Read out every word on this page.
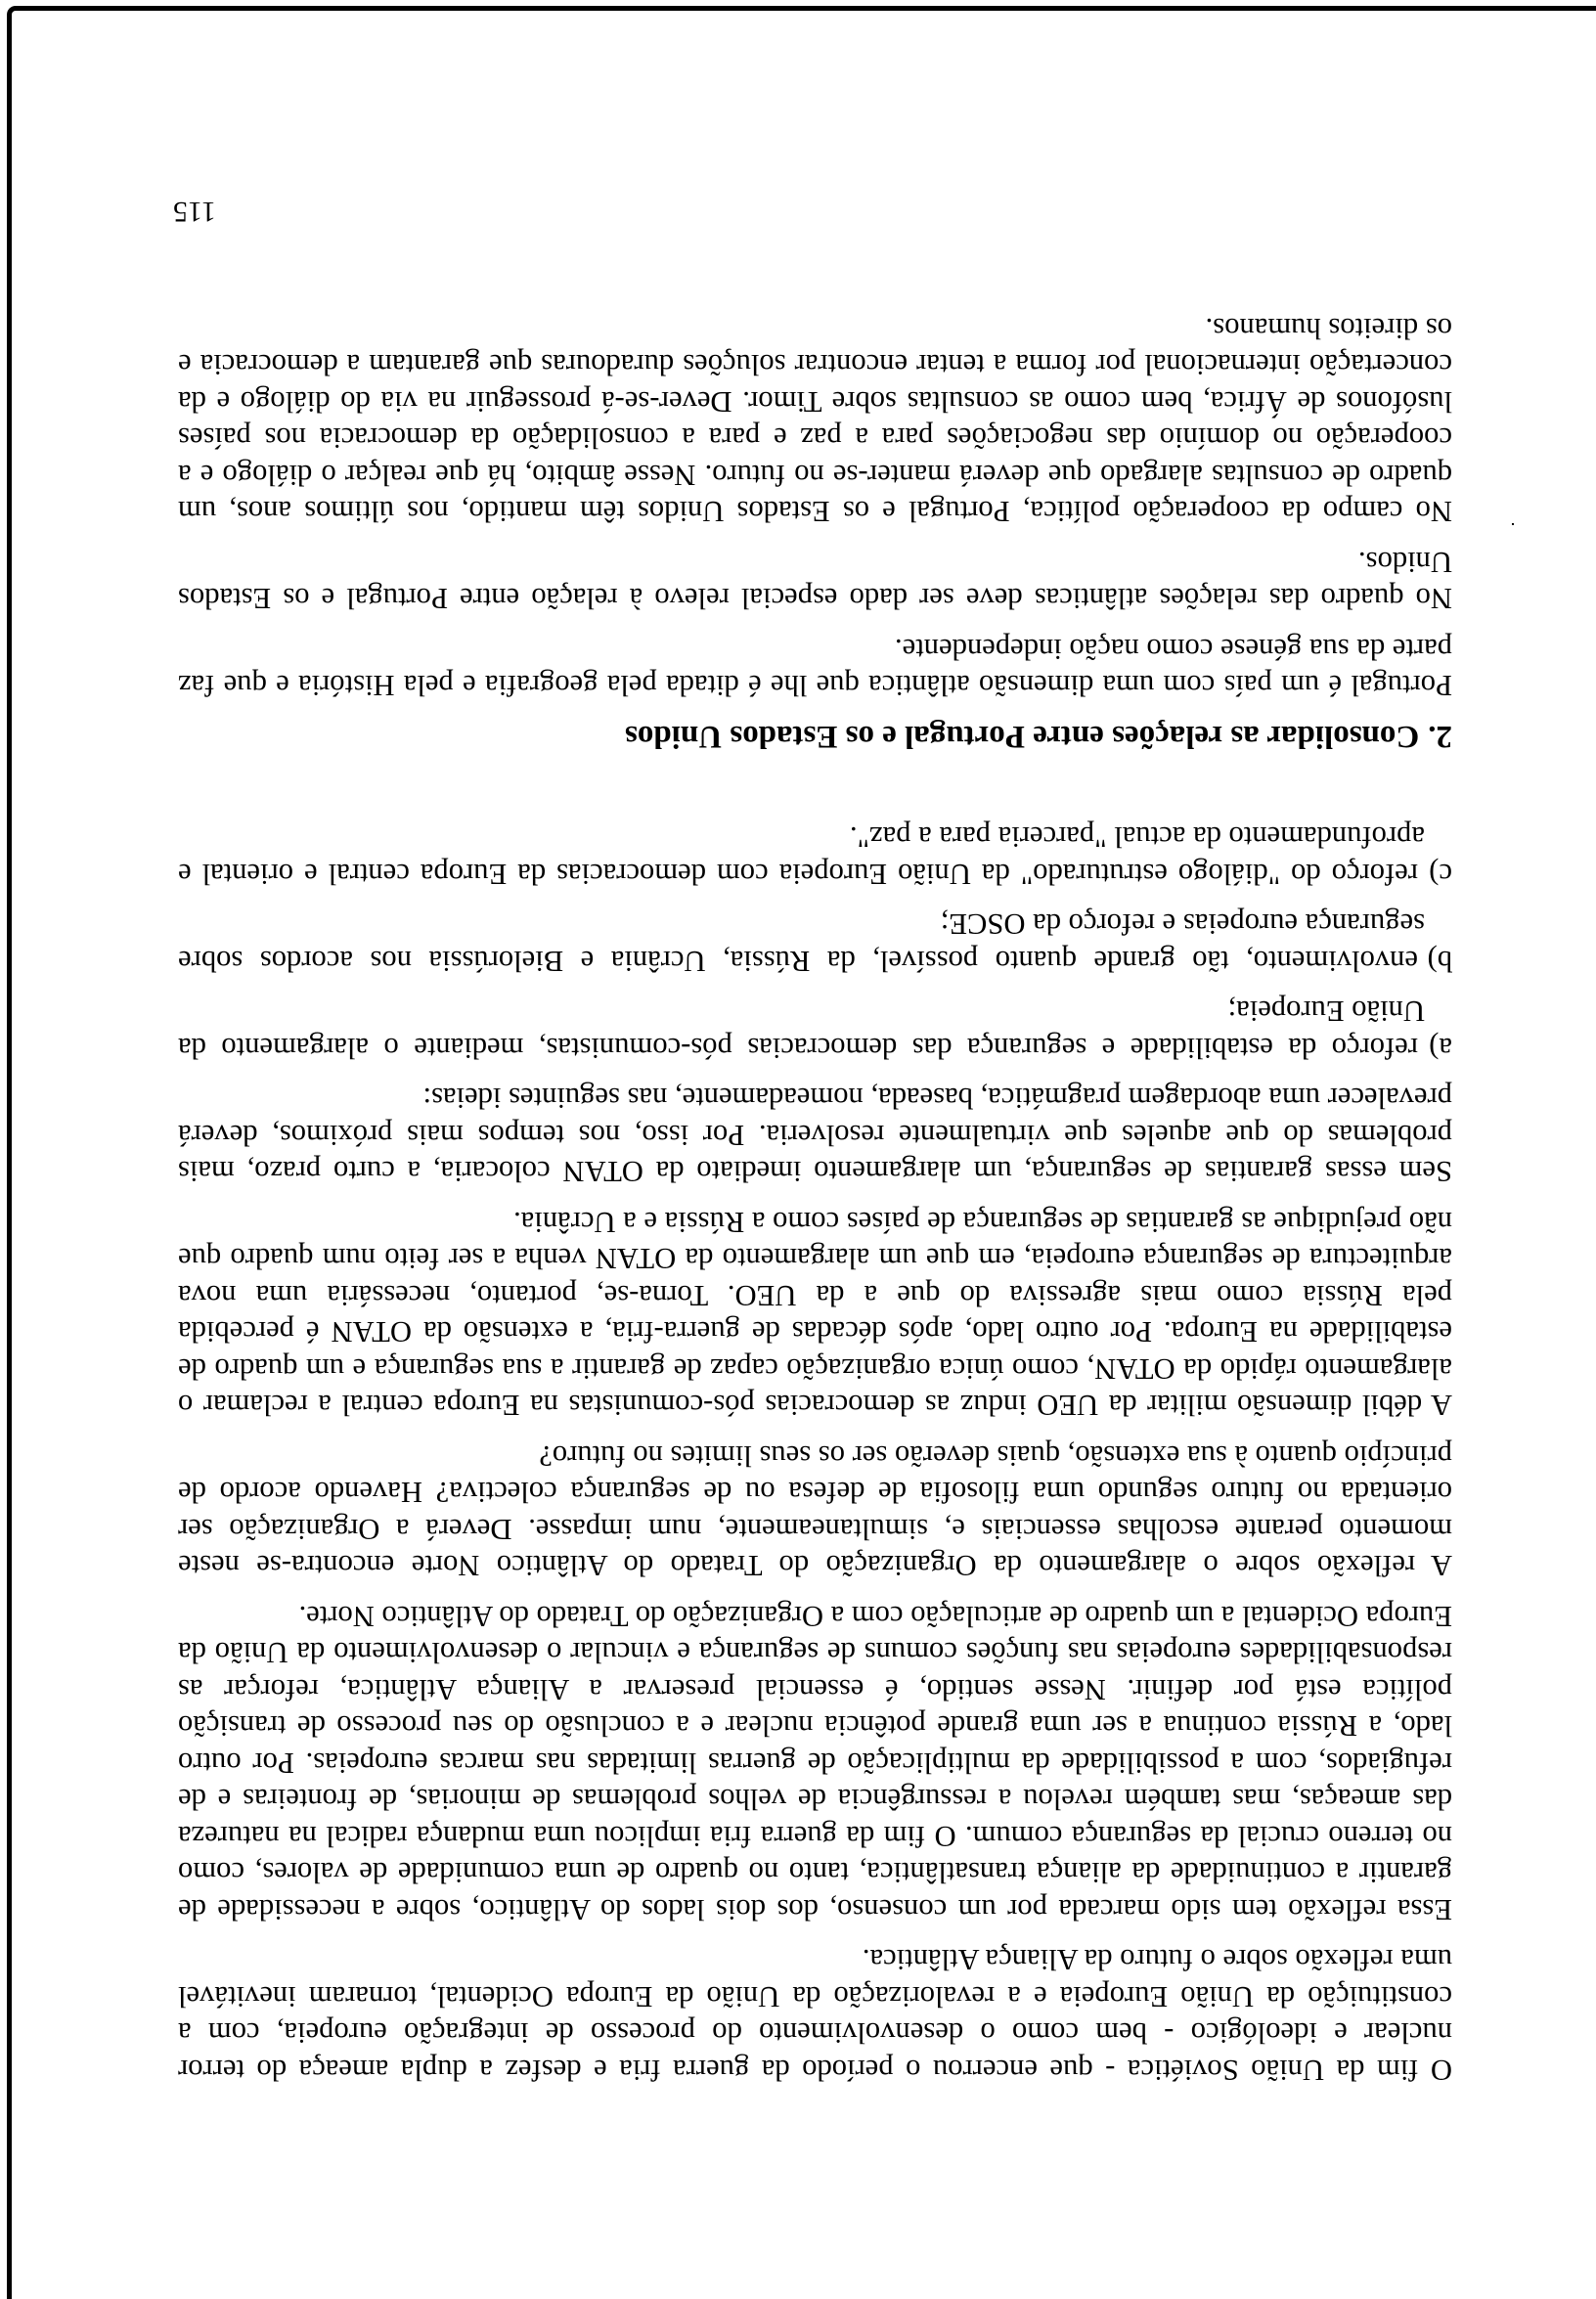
O fim da União Soviética - que encerrou o período da guerra fria e desfez a dupla ameaça do terror
nuclear e ideológico - bem como o desenvolvimento do processo de integração europeia, com a
constituição da União Europeia e a revalorização da União da Europa Ocidental, tornaram inevitável
uma reflexão sobre o futuro da Aliança Atlântica.
Essa reflexão tem sido marcada por um consenso, dos dois lados do Atlântico, sobre a necessidade de
garantir a continuidade da aliança transatlântica, tanto no quadro de uma comunidade de valores, como
no terreno crucial da segurança comum. O fim da guerra fria implicou uma mudança radical na natureza
das ameaças, mas também revelou a ressurgência de velhos problemas de minorias, de fronteiras e de
refugiados, com a possibilidade da multiplicação de guerras limitadas nas marcas europeias. Por outro
lado, a Rússia continua a ser uma grande potência nuclear e a conclusão do seu processo de transição
política está por definir. Nesse sentido, é essencial preservar a Aliança Atlântica, reforçar as
responsabilidades europeias nas funções comuns de segurança e vincular o desenvolvimento da União da
Europa Ocidental a um quadro de articulação com a Organização do Tratado do Atlântico Norte.
A reflexão sobre o alargamento da Organização do Tratado do Atlântico Norte encontra-se neste
momento perante escolhas essenciais e, simultaneamente, num impasse. Deverá a Organização ser
orientada no futuro segundo uma filosofia de defesa ou de segurança colectiva? Havendo acordo de
princípio quanto à sua extensão, quais deverão ser os seus limites no futuro?
A débil dimensão militar da UEO induz as democracias pós-comunistas na Europa central a reclamar o
alargamento rápido da OTAN, como única organização capaz de garantir a sua segurança e um quadro de
estabilidade na Europa. Por outro lado, após décadas de guerra-fria, a extensão da OTAN é percebida
pela Rússia como mais agressiva do que a da UEO. Torna-se, portanto, necessária uma nova
arquitectura de segurança europeia, em que um alargamento da OTAN venha a ser feito num quadro que
não prejudique as garantias de segurança de países como a Rússia e a Ucrânia.
Sem essas garantias de segurança, um alargamento imediato da OTAN colocaria, a curto prazo, mais
problemas do que aqueles que virtualmente resolveria. Por isso, nos tempos mais próximos, deverá
prevalecer uma abordagem pragmática, baseada, nomeadamente, nas seguintes ideias:
a)reforço da estabilidade e segurança das democracias pós-comunistas, mediante o alargamento da
União Europeia;
b)envolvimento, tão grande quanto possível, da Rússia, Ucrânia e Bielorússia nos acordos sobre
segurança europeias e reforço da OSCE;
c)reforço do "diálogo estruturado" da União Europeia com democracias da Europa central e oriental e
aprofundamento da actual "parceria para a paz".
2.Consolidar as relações entre Portugal e os Estados Unidos
Portugal é um país com uma dimensão atlântica que lhe é ditada pela geografia e pela História e que faz
parte da sua génese como nação independente.
No quadro das relações atlânticas deve ser dado especial relevo à relação entre Portugal e os Estados
Unidos.
No campo da cooperação política, Portugal e os Estados Unidos têm mantido, nos últimos anos, um
quadro de consultas alargado que deverá manter-se no futuro. Nesse âmbito, há que realçar o diálogo e a
cooperação no domínio das negociações para a paz e para a consolidação da democracia nos países
lusófonos de África, bem como as consultas sobre Timor. Dever-se-á prosseguir na via do diálogo e da
concertação internacional por forma a tentar encontrar soluções duradouras que garantam a democracia e
os direitos humanos.
115
